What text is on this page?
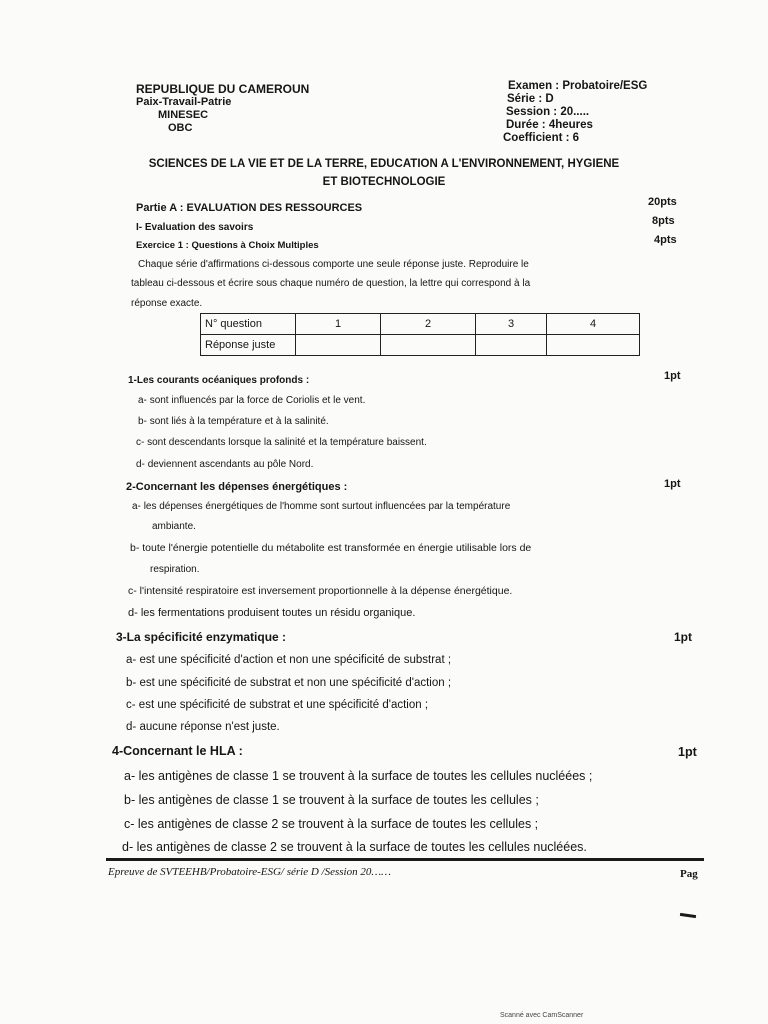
REPUBLIQUE DU CAMEROUN
Paix-Travail-Patrie
MINESEC
OBC
Examen : Probatoire/ESG
Série : D
Session : 20.....
Durée : 4heures
Coefficient : 6
SCIENCES DE LA VIE ET DE LA TERRE, EDUCATION A L'ENVIRONNEMENT, HYGIENE
ET BIOTECHNOLOGIE
Partie A : EVALUATION DES RESSOURCES	20pts
I- Evaluation des savoirs
8pts
Exercice 1 : Questions à Choix Multiples	4pts
Chaque série d'affirmations ci-dessous comporte une seule réponse juste. Reproduire le
tableau ci-dessous et écrire sous chaque numéro de question, la lettre qui correspond à la
réponse exacte.
N° question	1	2	3	4
Réponse juste				
1-Les courants océaniques profonds :	1pt
a- sont influencés par la force de Coriolis et le vent.
b- sont liés à la température et à la salinité.
c- sont descendants lorsque la salinité et la température baissent.
d- deviennent ascendants au pôle Nord.
2-Concernant les dépenses énergétiques :	1pt
a- les dépenses énergétiques de l'homme sont surtout influencées par la température
ambiante.
b- toute l'énergie potentielle du métabolite est transformée en énergie utilisable lors de
respiration.
c- l'intensité respiratoire est inversement proportionnelle à la dépense énergétique.
d- les fermentations produisent toutes un résidu organique.
3-La spécificité enzymatique :	1pt
a- est une spécificité d'action et non une spécificité de substrat ;
b- est une spécificité de substrat et non une spécificité d'action ;
c- est une spécificité de substrat et une spécificité d'action ;
d- aucune réponse n'est juste.
4-Concernant le HLA :	1pt
a- les antigènes de classe 1 se trouvent à la surface de toutes les cellules nucléées ;
b- les antigènes de classe 1 se trouvent à la surface de toutes les cellules ;
c- les antigènes de classe 2 se trouvent à la surface de toutes les cellules ;
d- les antigènes de classe 2 se trouvent à la surface de toutes les cellules nucléées.
Epreuve de SVTEEHB/Probatoire-ESG/ série D /Session 20……	Pag
Scanné avec CamScanner
